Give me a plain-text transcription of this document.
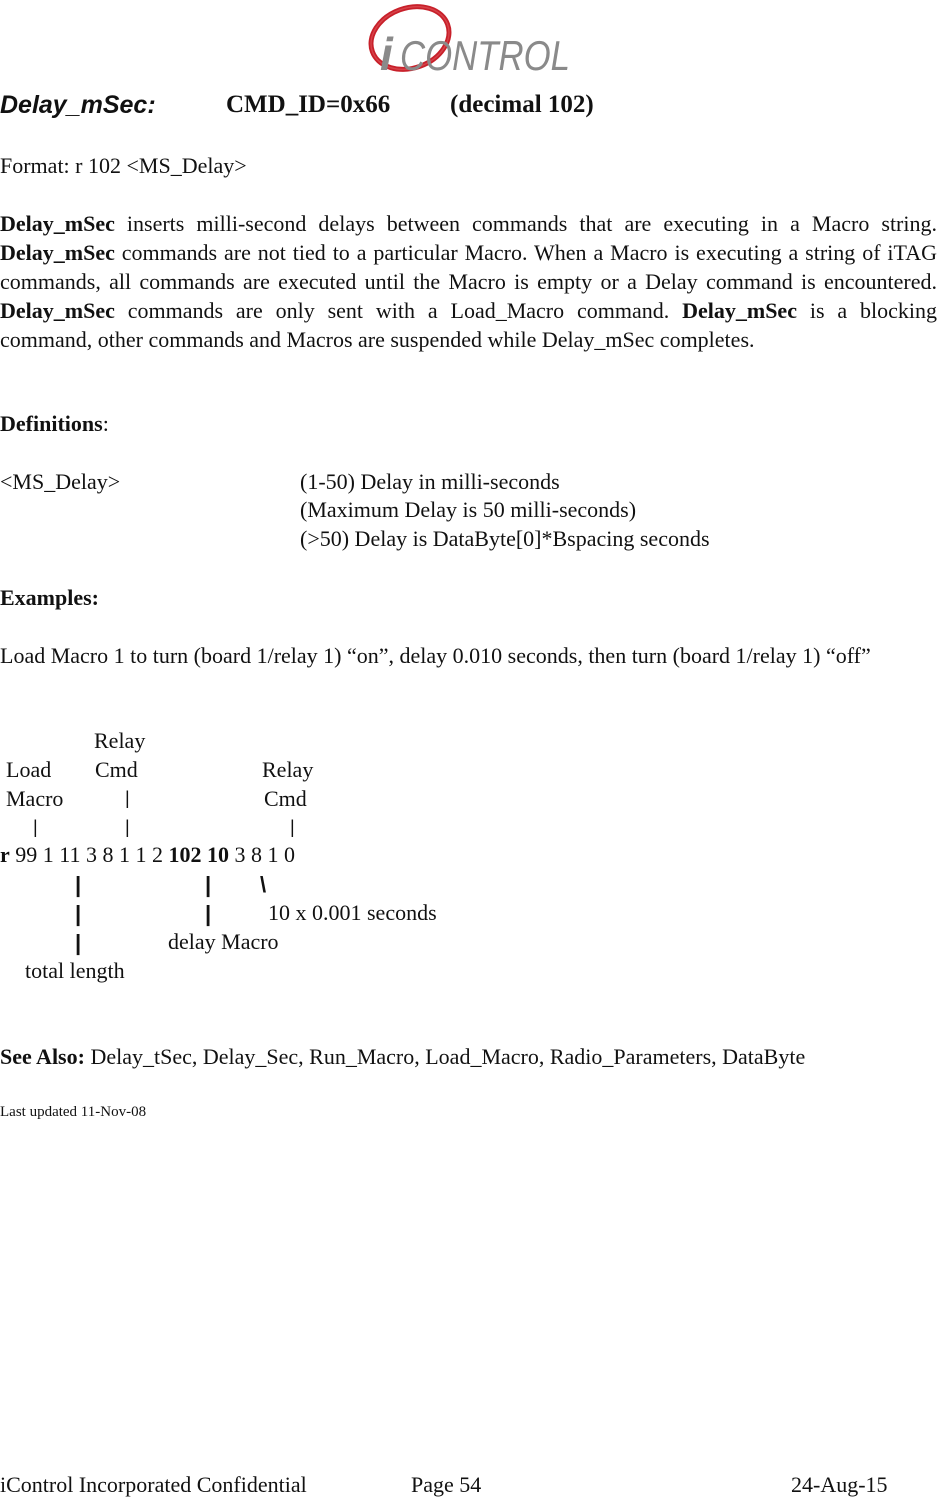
i CONTROL
Delay_mSec:	CMD_ID=0x66 (decimal 102)
Format: r 102 <MS_Delay>
Delay_mSec inserts milli-second delays between commands that are executing in a Macro string. Delay_mSec commands are not tied to a particular Macro. When a Macro is executing a string of iTAG commands, all commands are executed until the Macro is empty or a Delay command is encountered. Delay_mSec commands are only sent with a Load_Macro command. Delay_mSec is a blocking command, other commands and Macros are suspended while Delay_mSec completes.
Definitions:
<MS_Delay>	(1-50) Delay in milli-seconds
(Maximum Delay is 50 milli-seconds)
(>50) Delay is DataByte[0]*Bspacing seconds
Examples:
Load Macro 1 to turn (board 1/relay 1) “on”, delay 0.010 seconds, then turn (board 1/relay 1) “off”
Relay
Load Cmd	Relay
Macro	|	Cmd
|	|	|
r 99 1 11 3 8 1 1 2 102 10 3 8 1 0
|	| \
|	|	10 x 0.001 seconds
|	delay Macro
total length
See Also: Delay_tSec, Delay_Sec, Run_Macro, Load_Macro, Radio_Parameters, DataByte
Last updated 11-Nov-08
iControl Incorporated Confidential	Page 54	24-Aug-15
